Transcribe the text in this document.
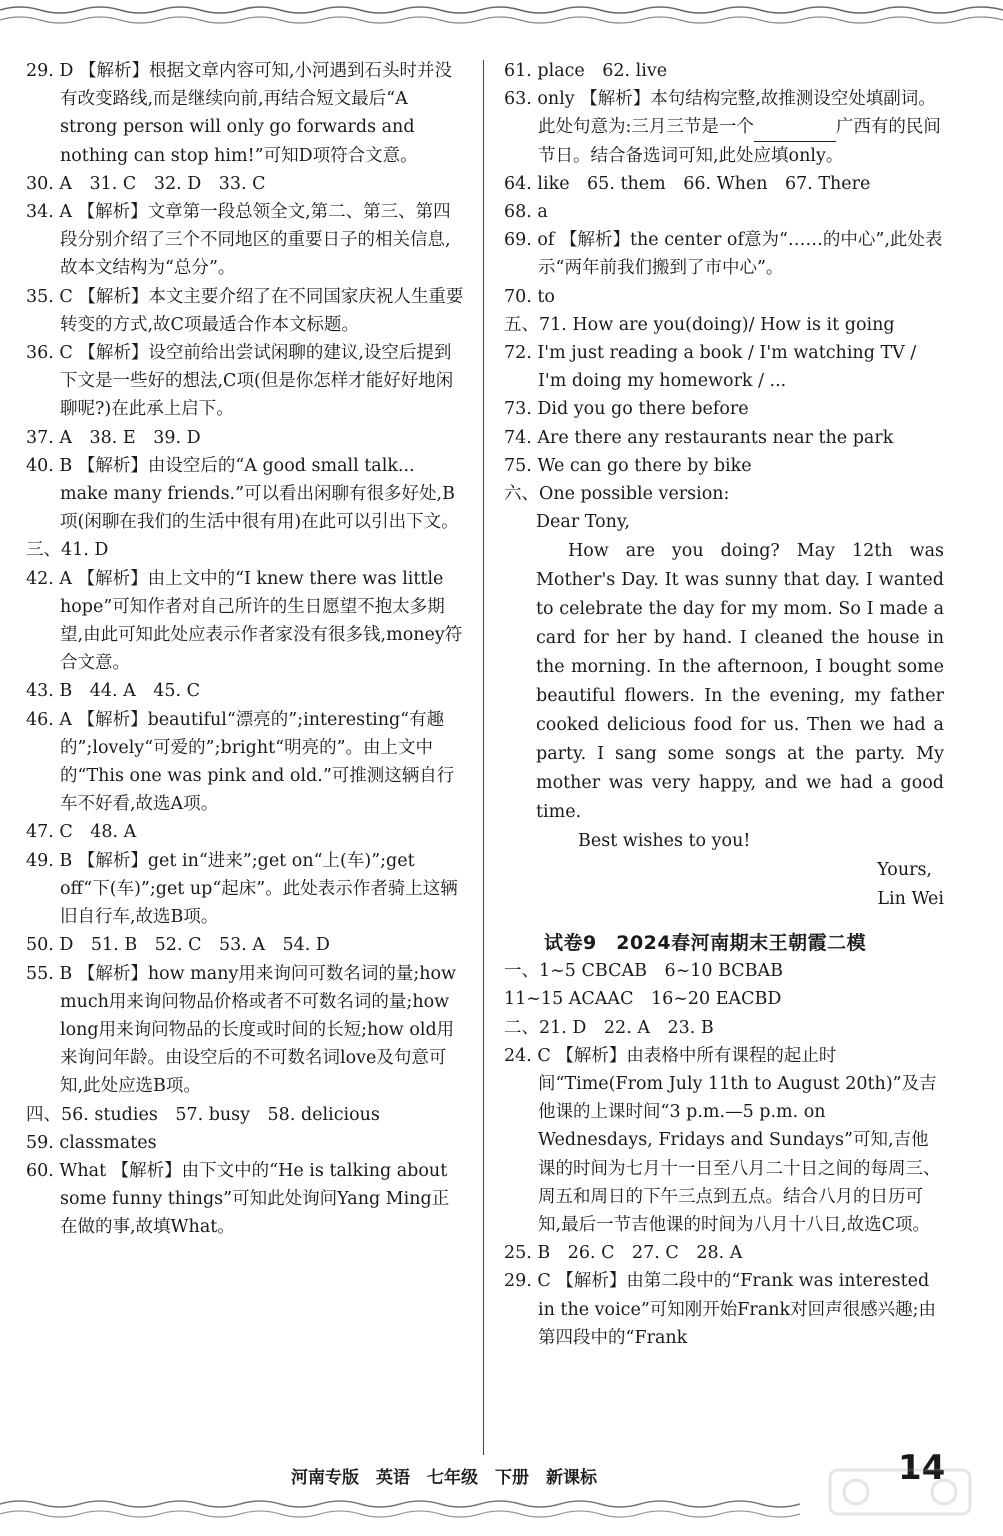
29. D 【解析】根据文章内容可知,小河遇到石头时并没有改变路线,而是继续向前,再结合短文最后“A strong person will only go forwards and nothing can stop him!”可知D项符合文意。

30. A　31. C　32. D　33. C

34. A 【解析】文章第一段总领全文,第二、第三、第四段分别介绍了三个不同地区的重要日子的相关信息,故本文结构为“总分”。

35. C 【解析】本文主要介绍了在不同国家庆祝人生重要转变的方式,故C项最适合作本文标题。

36. C 【解析】设空前给出尝试闲聊的建议,设空后提到下文是一些好的想法,C项(但是你怎样才能好好地闲聊呢?)在此承上启下。

37. A　38. E　39. D

40. B 【解析】由设空后的“A good small talk... make many friends.”可以看出闲聊有很多好处,B项(闲聊在我们的生活中很有用)在此可以引出下文。

三、41. D

42. A 【解析】由上文中的“I knew there was little hope”可知作者对自己所许的生日愿望不抱太多期望,由此可知此处应表示作者家没有很多钱,money符合文意。

43. B　44. A　45. C

46. A 【解析】beautiful“漂亮的”;interesting“有趣的”;lovely“可爱的”;bright“明亮的”。由上文中的“This one was pink and old.”可推测这辆自行车不好看,故选A项。

47. C　48. A

49. B 【解析】get in“进来”;get on“上(车)”;get off“下(车)”;get up“起床”。此处表示作者骑上这辆旧自行车,故选B项。

50. D　51. B　52. C　53. A　54. D

55. B 【解析】how many用来询问可数名词的量;how much用来询问物品价格或者不可数名词的量;how long用来询问物品的长度或时间的长短;how old用来询问年龄。由设空后的不可数名词love及句意可知,此处应选B项。

四、56. studies　57. busy　58. delicious

59. classmates

60. What 【解析】由下文中的“He is talking about some funny things”可知此处询问Yang Ming正在做的事,故填What。

61. place　62. live

63. only 【解析】本句结构完整,故推测设空处填副词。此处句意为:三月三节是一个	广西有的民间节日。结合备选词可知,此处应填only。

64. like　65. them　66. When　67. There

68. a

69. of 【解析】the center of意为“……的中心”,此处表示“两年前我们搬到了市中心”。

70. to

五、71. How are you(doing)/ How is it going

72. I'm just reading a book / I'm watching TV / I'm doing my homework / ...

73. Did you go there before

74. Are there any restaurants near the park

75. We can go there by bike

六、One possible version:

Dear Tony,

How are you doing? May 12th was Mother's Day. It was sunny that day. I wanted to celebrate the day for my mom. So I made a card for her by hand. I cleaned the house in the morning. In the afternoon, I bought some beautiful flowers. In the evening, my father cooked delicious food for us. Then we had a party. I sang some songs at the party. My mother was very happy, and we had a good time.

Best wishes to you!

Yours,

Lin Wei

试卷9　2024春河南期末王朝霞二模

一、1~5 CBCAB　6~10 BCBAB

11~15 ACAAC　16~20 EACBD

二、21. D　22. A　23. B

24. C 【解析】由表格中所有课程的起止时间“Time(From July 11th to August 20th)”及吉他课的上课时间“3 p.m.—5 p.m. on Wednesdays, Fridays and Sundays”可知,吉他课的时间为七月十一日至八月二十日之间的每周三、周五和周日的下午三点到五点。结合八月的日历可知,最后一节吉他课的时间为八月十八日,故选C项。

25. B　26. C　27. C　28. A

29. C 【解析】由第二段中的“Frank was interested in the voice”可知刚开始Frank对回声很感兴趣;由第四段中的“Frank

河南专版　英语　七年级　下册　新课标	14
